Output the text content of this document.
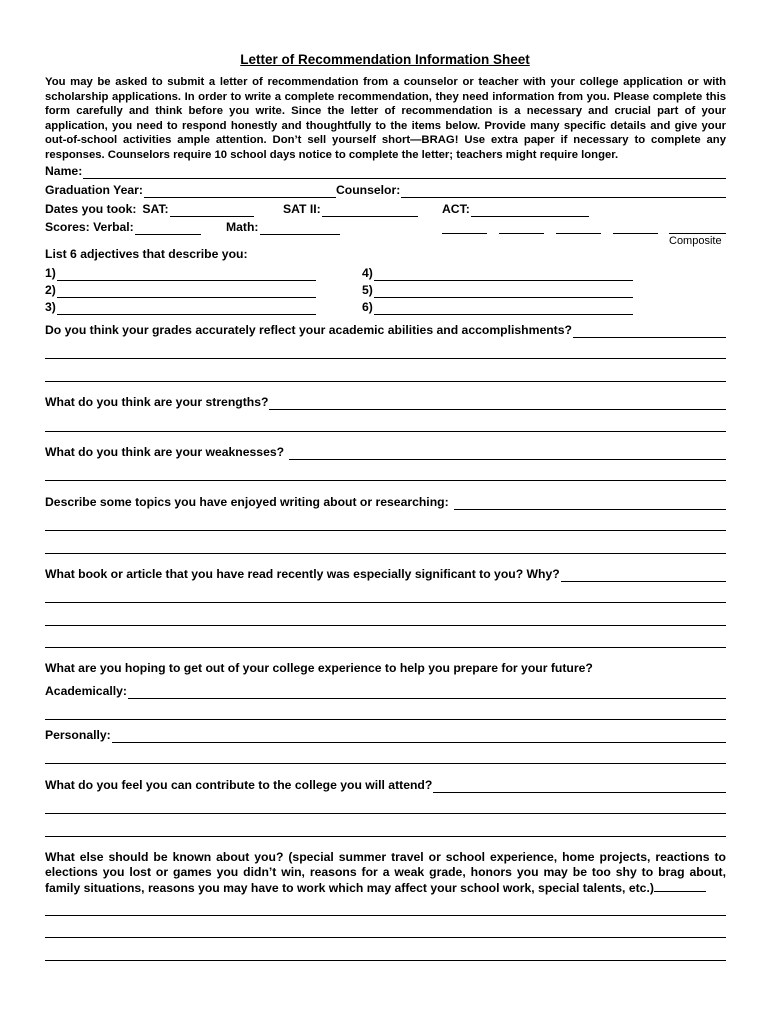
Letter of Recommendation Information Sheet

You may be asked to submit a letter of recommendation from a counselor or teacher with your college application or with scholarship applications. In order to write a complete recommendation, they need information from you. Please complete this form carefully and think before you write. Since the letter of recommendation is a necessary and crucial part of your application, you need to respond honestly and thoughtfully to the items below. Provide many specific details and give your out-of-school activities ample attention. Don’t sell yourself short—BRAG! Use extra paper if necessary to complete any responses. Counselors require 10 school days notice to complete the letter; teachers might require longer.

Name:
Graduation Year:	Counselor:
Dates you took: SAT:	SAT II:	ACT:
Scores: Verbal:	Math:
Composite
List 6 adjectives that describe you:
1)
2)
3)
4)
5)
6)
Do you think your grades accurately reflect your academic abilities and accomplishments?
What do you think are your strengths?
What do you think are your weaknesses?
Describe some topics you have enjoyed writing about or researching:
What book or article that you have read recently was especially significant to you? Why?
What are you hoping to get out of your college experience to help you prepare for your future?
Academically:
Personally:
What do you feel you can contribute to the college you will attend?

What else should be known about you? (special summer travel or school experience, home projects, reactions to elections you lost or games you didn’t win, reasons for a weak grade, honors you may be too shy to brag about, family situations, reasons you may have to work which may affect your school work, special talents, etc.)
